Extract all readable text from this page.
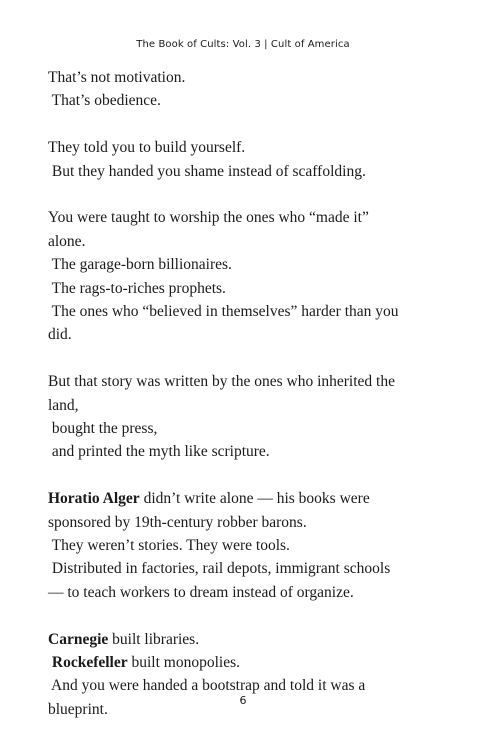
The Book of Cults: Vol. 3 | Cult of America
That’s not motivation.
That’s obedience.
They told you to build yourself.
But they handed you shame instead of scaffolding.
You were taught to worship the ones who “made it”
alone.
The garage-born billionaires.
The rags-to-riches prophets.
The ones who “believed in themselves” harder than you
did.
But that story was written by the ones who inherited the
land,
bought the press,
and printed the myth like scripture.
Horatio Alger didn’t write alone — his books were
sponsored by 19th-century robber barons.
They weren’t stories. They were tools.
Distributed in factories, rail depots, immigrant schools
— to teach workers to dream instead of organize.
Carnegie built libraries.
Rockefeller built monopolies.
And you were handed a bootstrap and told it was a
blueprint.
6
